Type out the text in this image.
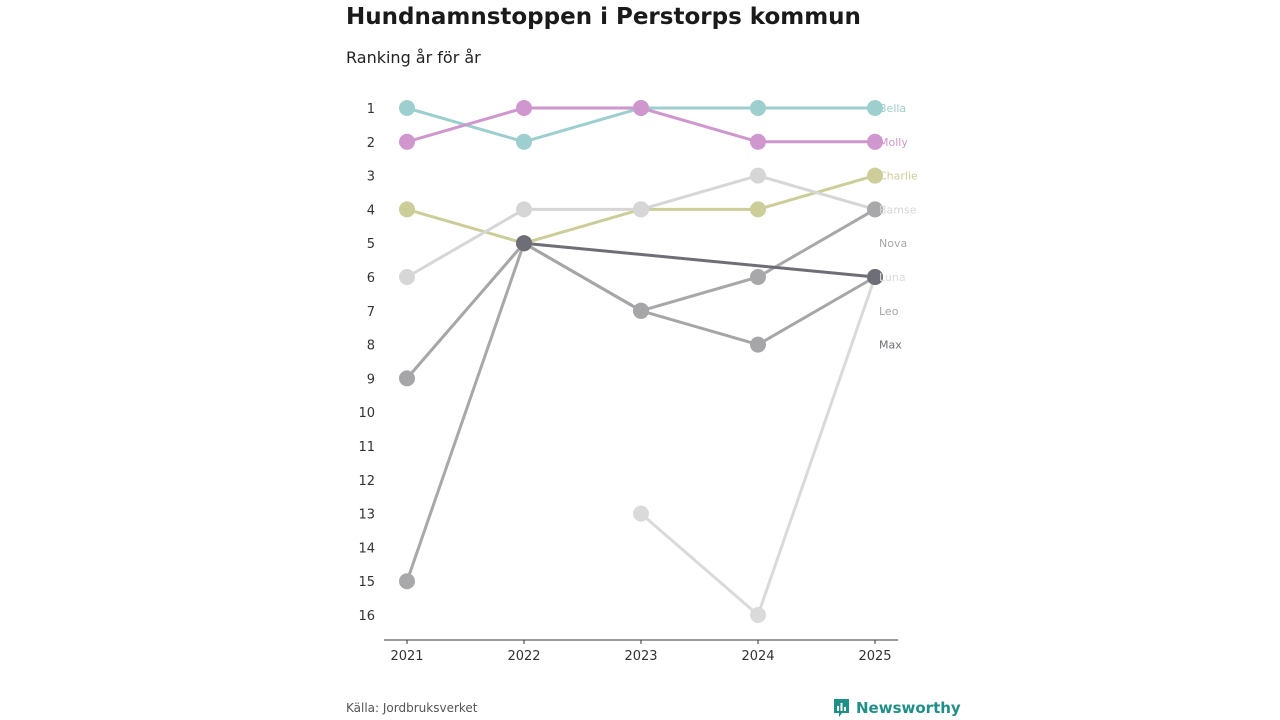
Hundnamnstoppen i Perstorps kommun
Ranking år för år
1
2
3
4
5
6
7
8
9
10
11
12
13
14
15
16
2021	2022	2023	2024	2025
Bella
Molly
Charlie
Bamse
Nova
Luna
Leo
Max
Källa: Jordbruksverket	Newsworthy
